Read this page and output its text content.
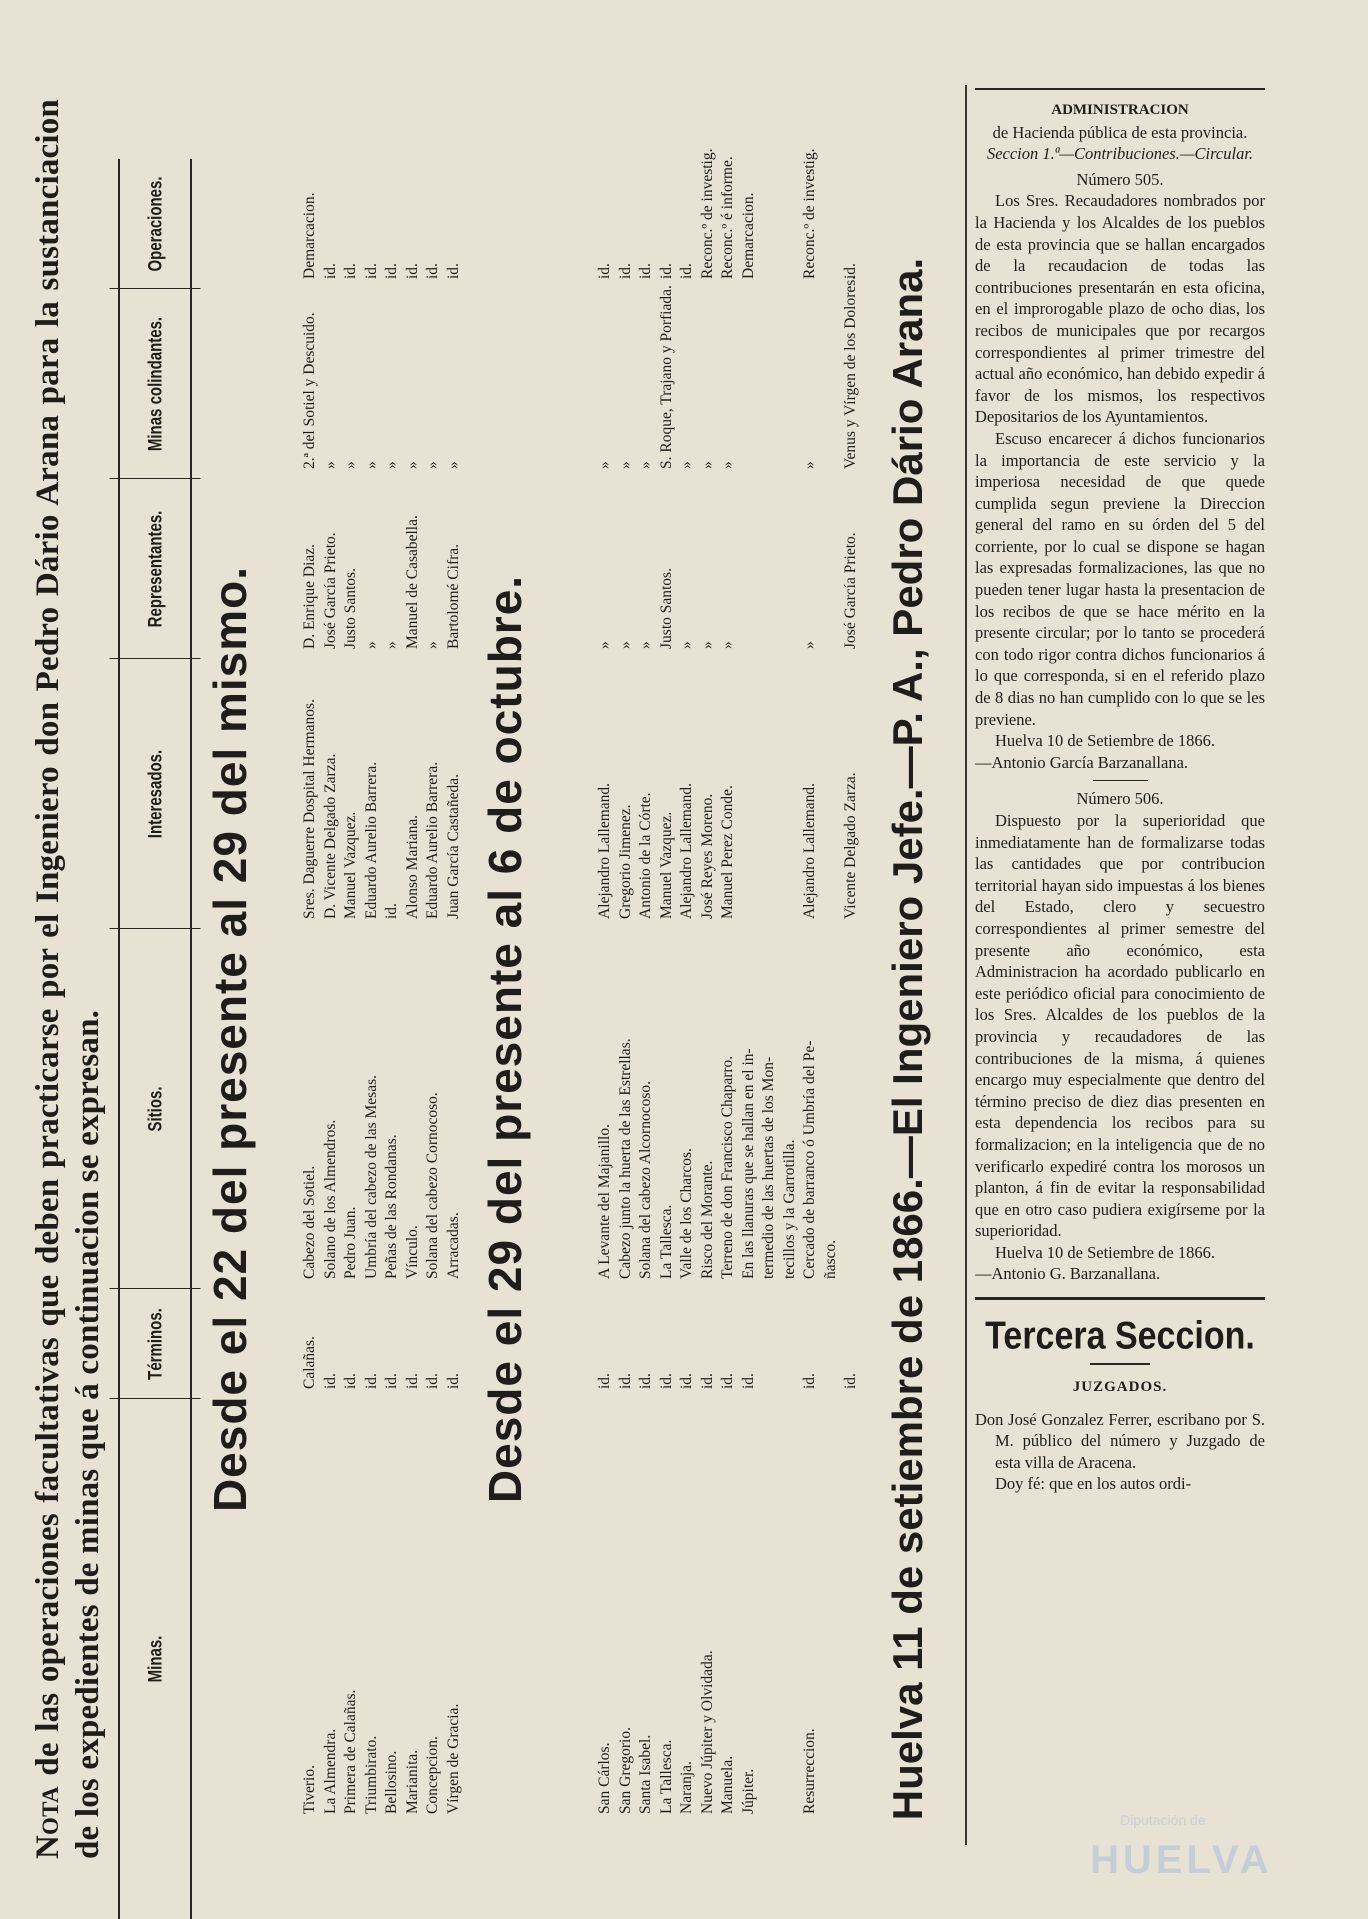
Nota de las operaciones facultativas que deben practicarse por el Ingeniero don Pedro Dário Arana para la sustanciacion de los expedientes de minas que á continuacion se expresan.	Minas.
Términos.
Sitios.
Interesados.
Representantes.
Minas colindantes.
Operaciones.
Desde el 22 del presente al 29 del mismo.
Tiverio.
Calañas.
Cabezo del Sotiel.
Sres. Daguerre Dospital Hermanos.
D. Enrique Diaz.
2.ª del Sotiel y Descuido.
Demarcacion.
La Almendra.
id.
Solano de los Almendros.
D. Vicente Delgado Zarza.
José García Prieto.
»
id.
Primera de Calañas.
id.
Pedro Juan.
Manuel Vazquez.
Justo Santos.
»
id.
Triumbirato.
id.
Umbría del cabezo de las Mesas.
Eduardo Aurelio Barrera.
»
»
id.
Bellosino.
id.
Peñas de las Rondanas.
id.
»
»
id.
Marianita.
id.
Vínculo.
Alonso Mariana.
Manuel de Casabella.
»
id.
Concepcion.
id.
Solana del cabezo Cornocoso.
Eduardo Aurelio Barrera.
»
»
id.
Vírgen de Gracia.
id.
Arracadas.
Juan García Castañeda.
Bartolomé Cifra.
»
id.
Desde el 29 del presente al 6 de octubre.
San Cárlos.
id.
A Levante del Majanillo.
Alejandro Lallemand.
»
»
id.
San Gregorio.
id.
Cabezo junto la huerta de las Estrellas.
Gregorio Jimenez.
»
»
id.
Santa Isabel.
id.
Solana del cabezo Alcornocoso.
Antonio de la Córte.
»
»
id.
La Tallesca.
id.
La Tallesca.
Manuel Vazquez.
Justo Santos.
S. Roque, Trajano y Porfiada.
id.
Naranja.
id.
Valle de los Charcos.
Alejandro Lallemand.
»
»
id.
Nuevo Júpiter y Olvidada.
id.
Risco del Morante.
José Reyes Moreno.
»
»
Reconc.º de investig.
Manuela.
id.
Terreno de don Francisco Chaparro.
Manuel Perez Conde.
»
»
Reconc.º é informe.
Júpiter.
id.
En las llanuras que se hallan en el in-
Demarcacion.
termedio de las huertas de los Mon- tecillos y la Garrotilla.
Resurreccion.
id.
Cercado de barranco ó Umbría del Pe-
Alejandro Lallemand.
»
»
Reconc.º de investig.
ñasco.
id.
Vicente Delgado Zarza.
José García Prieto.
Venus y Vírgen de los Dolores.
id. Huelva 11 de setiembre de 1866.—El Ingeniero Jefe.—P. A., Pedro Dário Arana.

ADMINISTRACION

de Hacienda pública de esta provincia.

Seccion 1.ª—Contribuciones.—Circular.

Número 505.

Los Sres. Recaudadores nombrados por la Hacienda y los Alcaldes de los pueblos de esta provincia que se hallan encargados de la recaudacion de todas las contribuciones presentarán en esta oficina, en el improrogable plazo de ocho dias, los recibos de municipales que por recargos correspondientes al primer trimestre del actual año económico, han debido expedir á favor de los mismos, los respectivos Depositarios de los Ayuntamientos.

Escuso encarecer á dichos funcionarios la importancia de este servicio y la imperiosa necesidad de que quede cumplida segun previene la Direccion general del ramo en su órden del 5 del corriente, por lo cual se dispone se hagan las expresadas formalizaciones, las que no pueden tener lugar hasta la presentacion de los recibos de que se hace mérito en la presente circular; por lo tanto se procederá con todo rigor contra dichos funcionarios á lo que corresponda, si en el referido plazo de 8 dias no han cumplido con lo que se les previene.

Huelva 10 de Setiembre de 1866.

—Antonio García Barzanallana.

Número 506.

Dispuesto por la superioridad que inmediatamente han de formalizarse todas las cantidades que por contribucion territorial hayan sido impuestas á los bienes del Estado, clero y secuestro correspondientes al primer semestre del presente año económico, esta Administracion ha acordado publicarlo en este periódico oficial para conocimiento de los Sres. Alcaldes de los pueblos de la provincia y recaudadores de las contribuciones de la misma, á quienes encargo muy especialmente que dentro del término preciso de diez dias presenten en esta dependencia los recibos para su formalizacion; en la inteligencia que de no verificarlo expediré contra los morosos un planton, á fin de evitar la responsabilidad que en otro caso pudiera exigírseme por la superioridad.

Huelva 10 de Setiembre de 1866.

—Antonio G. Barzanallana.

Tercera Seccion.

JUZGADOS.

Don José Gonzalez Ferrer, escribano por S. M. público del número y Juzgado de esta villa de Aracena.

Doy fé: que en los autos ordi-

Diputación de
HUELVA
